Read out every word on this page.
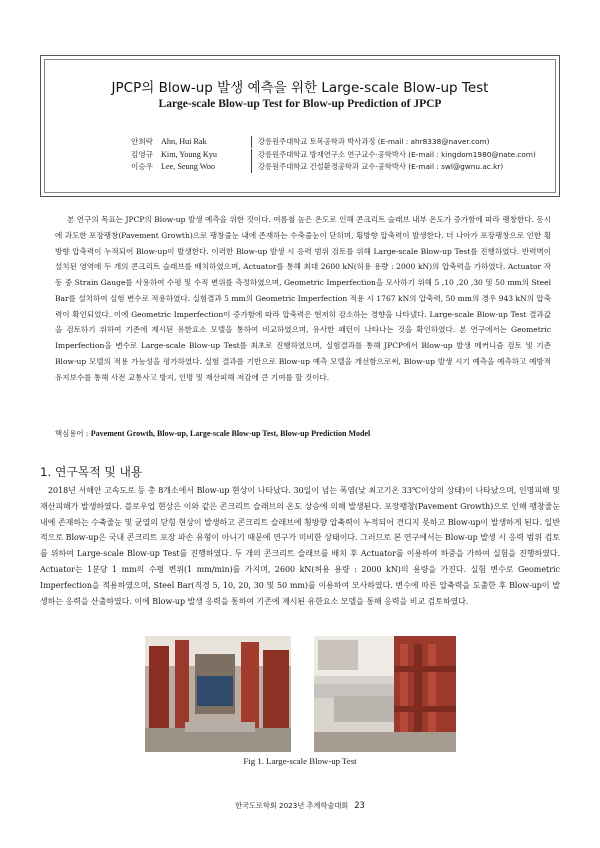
JPCP의 Blow-up 발생 예측을 위한 Large-scale Blow-up Test
Large-scale Blow-up Test for Blow-up Prediction of JPCP
안희락 Ahn, Hui Rak	강릉원주대학교 토목공학과 박사과정 (E-mail : ahr8338@naver.com)
김영규 Kim, Young Kyu	강릉원주대학교 방재연구소 연구교수·공학박사 (E-mail : kingdom1980@nate.com)
이승우 Lee, Seung Woo	강릉원주대학교 건설환경공학과 교수·공학박사 (E-mail : swl@gwnu.ac.kr)

본 연구의 목표는 JPCP의 Blow-up 발생 예측을 위한 것이다. 여름철 높은 온도로 인해 콘크리트 슬래브 내부 온도가 증가함에 따라 팽창한다. 동시에 과도한 포장팽창(Pavement Growth)으로 팽창줄눈 내에 존재하는 수축줄눈이 닫히며, 횡방향 압축력이 발생한다. 더 나아가 포장팽창으로 인한 횡방향 압축력이 누적되어 Blow-up이 발생한다. 이러한 Blow-up 발생 시 응력 범위 검토를 위해 Large-scale Blow-up Test를 진행하였다. 반력벽이 설치된 영역에 두 개의 콘크리트 슬래브를 배치하였으며, Actuator를 통해 최대 2600 kN(허용 용량 : 2000 kN)의 압축력을 가하였다. Actuator 작동 중 Strain Gauge를 사용하여 수평 및 수직 변위를 측정하였으며, Geometric Imperfection을 모사하기 위해 5 ,10 ,20 ,30 및 50 mm의 Steel Bar를 설치하여 실험 변수로 적용하였다. 실험결과 5 mm의 Geometric Imperfection 적용 시 1767 kN의 압축력, 50 mm의 경우 943 kN의 압축력이 확인되었다. 이에 Geometric Imperfection이 증가함에 따라 압축력은 현저히 감소하는 경향을 나타냈다. Large-scale Blow-up Test 결과값을 검토하기 위하여 기존에 제시된 유한요소 모델을 통하여 비교하였으며, 유사한 패턴이 나타나는 것을 확인하였다. 본 연구에서는 Geometric Imperfection을 변수로 Large-scale Blow-up Test를 최초로 진행하였으며, 실험결과를 통해 JPCP에서 Blow-up 발생 메커니즘 검토 및 기존 Blow-up 모델의 적용 가능성을 평가하였다. 실험 결과를 기반으로 Blow-up 예측 모델을 개선함으로써, Blow-up 발생 시기 예측을 예측하고 예방적 유지보수를 통해 사전 교통사고 방지, 인명 및 재산피해 저감에 큰 기여를 할 것이다.

핵심용어 : Pavement Growth, Blow-up, Large-scale Blow-up Test, Blow-up Prediction Model
1. 연구목적 및 내용

2018년 서해안 고속도로 등 총 8개소에서 Blow-up 현상이 나타났다. 30일이 넘는 폭염(낮 최고기온 33℃이상의 상태)이 나타났으며, 인명피해 및 재산피해가 발생하였다. 블로우업 현상은 이와 같은 콘크리트 슬래브의 온도 상승에 의해 발생된다. 포장팽창(Pavement Growth)으로 인해 팽창줄눈 내에 존재하는 수축줄눈 및 균열의 닫힘 현상이 발생하고 콘크리트 슬래브에 횡방향 압축력이 누적되어 견디지 못하고 Blow-up이 발생하게 된다. 일반적으로 Blow-up은 국내 콘크리트 포장 파손 유형이 아니기 때문에 연구가 미비한 상태이다. 그러므로 본 연구에서는 Blow-up 발생 시 응력 범위 검토를 위하여 Large-scale Blow-up Test를 진행하였다. 두 개의 콘크리트 슬래브를 배치 후 Actuator를 이용하여 하중을 가하여 실험을 진행하였다. Actuator는 1분당 1 mm의 수평 변위(1 mm/min)를 가지며, 2600 kN(허용 용량 : 2000 kN)의 용량을 가진다. 실험 변수로 Geometric Imperfection을 적용하였으며, Steel Bar(직경 5, 10, 20, 30 및 50 mm)를 이용하여 모사하였다. 변수에 따른 압축력을 도출한 후 Blow-up이 발생하는 응력을 산출하였다. 이에 Blow-up 발생 응력을 통하여 기존에 제시된 유한요소 모델을 통해 응력을 비교 검토하였다.

Fig 1. Large-scale Blow-up Test
한국도로학회 2023년 추계학술대회 23
